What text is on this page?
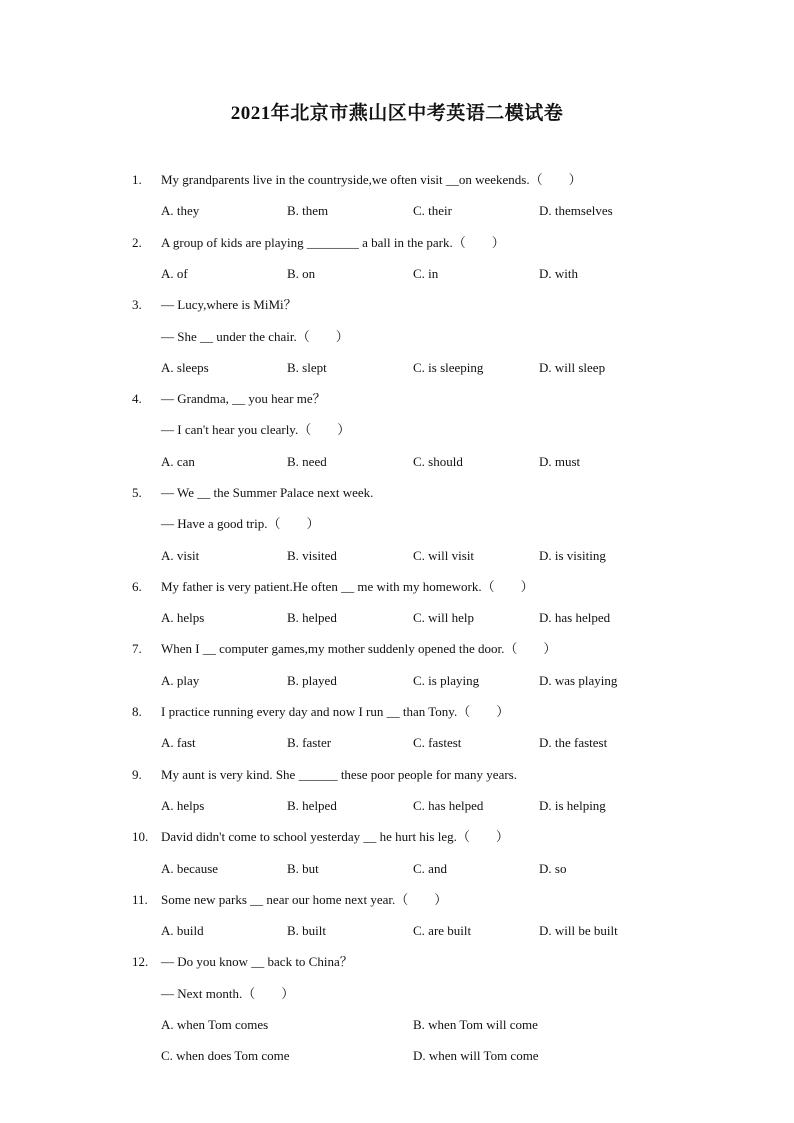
2021年北京市燕山区中考英语二模试卷
1. My grandparents live in the countryside,we often visit __on weekends.（　　）
A. they	B. them	C. their	D. themselves
2. A group of kids are playing ________ a ball in the park.（　　）
A. of	B. on	C. in	D. with
3. — Lucy,where is MiMi？
— She __ under the chair.（　　）
A. sleeps	B. slept	C. is sleeping	D. will sleep
4. — Grandma, __ you hear me？
— I can't hear you clearly.（　　）
A. can	B. need	C. should	D. must
5. — We __ the Summer Palace next week.
— Have a good trip.（　　）
A. visit	B. visited	C. will visit	D. is visiting
6. My father is very patient.He often __ me with my homework.（　　）
A. helps	B. helped	C. will help	D. has helped
7. When I __ computer games,my mother suddenly opened the door.（　　）
A. play	B. played	C. is playing	D. was playing
8. I practice running every day and now I run __ than Tony.（　　）
A. fast	B. faster	C. fastest	D. the fastest
9. My aunt is very kind. She ______ these poor people for many years.
A. helps	B. helped	C. has helped	D. is helping
10. David didn't come to school yesterday __ he hurt his leg.（　　）
A. because	B. but	C. and	D. so
11. Some new parks __ near our home next year.（　　）
A. build	B. built	C. are built	D. will be built
12. — Do you know __ back to China？
— Next month.（　　）
A. when Tom comes	B. when Tom will come
C. when does Tom come	D. when will Tom come
